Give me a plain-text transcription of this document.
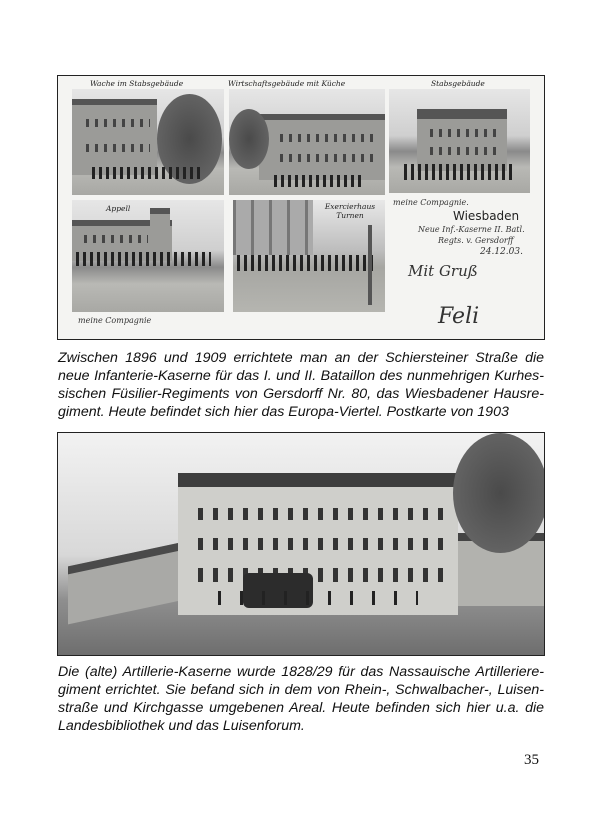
Wache im Stabsgebäude	Wirtschaftsgebäude mit Küche	Stabsgebäude
Appell	Exercierhaus Turnen
meine Compagnie.
Wiesbaden
Neue Inf.-Kaserne II. Batl.
Regts. v. Gersdorff
24.12.03.
Mit Gruß
Feli
meine Compagnie
Zwischen 1896 und 1909 errichtete man an der Schiersteiner Straße die
neue Infanterie-Kaserne für das I. und II. Bataillon des nunmehrigen Kurhes-
sischen Füsilier-Regiments von Gersdorff Nr. 80, das Wiesbadener Hausre-
giment. Heute befindet sich hier das Europa-Viertel. Postkarte von 1903
Die (alte) Artillerie-Kaserne wurde 1828/29 für das Nassauische Artilleriere-
giment errichtet. Sie befand sich in dem von Rhein-, Schwalbacher-, Luisen-
straße und Kirchgasse umgebenen Areal. Heute befinden sich hier u.a. die
Landesbibliothek und das Luisenforum.
35
